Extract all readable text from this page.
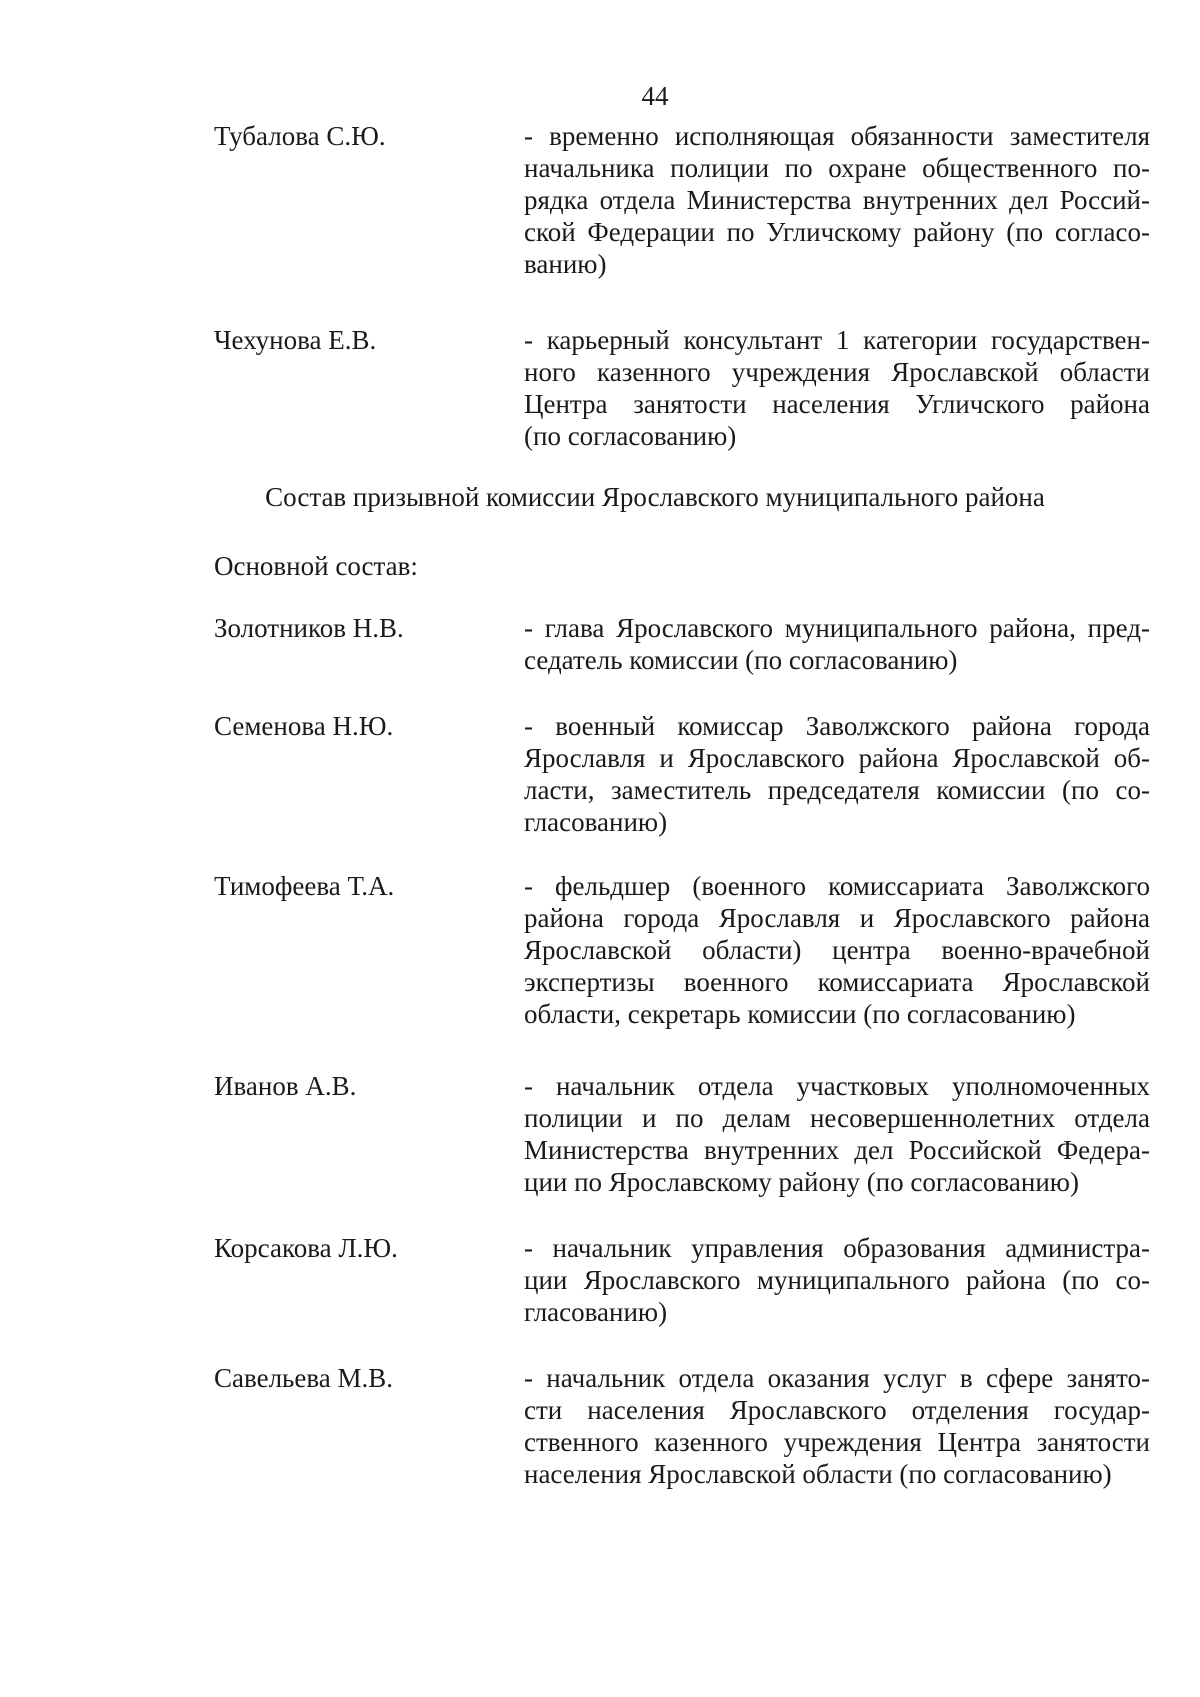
44
Тубалова С.Ю.	- временно исполняющая обязанности заместителя
начальника полиции по охране общественного по-
рядка отдела Министерства внутренних дел Россий-
ской Федерации по Угличскому району (по согласо-
ванию)
Чехунова Е.В.	- карьерный консультант 1 категории государствен-
ного казенного учреждения Ярославской области
Центра занятости населения Угличского района
(по согласованию)
Состав призывной комиссии Ярославского муниципального района
Основной состав:
Золотников Н.В.	- глава Ярославского муниципального района, пред-
седатель комиссии (по согласованию)
Семенова Н.Ю.	- военный комиссар Заволжского района города
Ярославля и Ярославского района Ярославской об-
ласти, заместитель председателя комиссии (по со-
гласованию)
Тимофеева Т.А.	- фельдшер (военного комиссариата Заволжского
района города Ярославля и Ярославского района
Ярославской области) центра военно-врачебной
экспертизы военного комиссариата Ярославской
области, секретарь комиссии (по согласованию)
Иванов А.В.	- начальник отдела участковых уполномоченных
полиции и по делам несовершеннолетних отдела
Министерства внутренних дел Российской Федера-
ции по Ярославскому району (по согласованию)
Корсакова Л.Ю.	- начальник управления образования администра-
ции Ярославского муниципального района (по со-
гласованию)
Савельева М.В.	- начальник отдела оказания услуг в сфере занято-
сти населения Ярославского отделения государ-
ственного казенного учреждения Центра занятости
населения Ярославской области (по согласованию)
